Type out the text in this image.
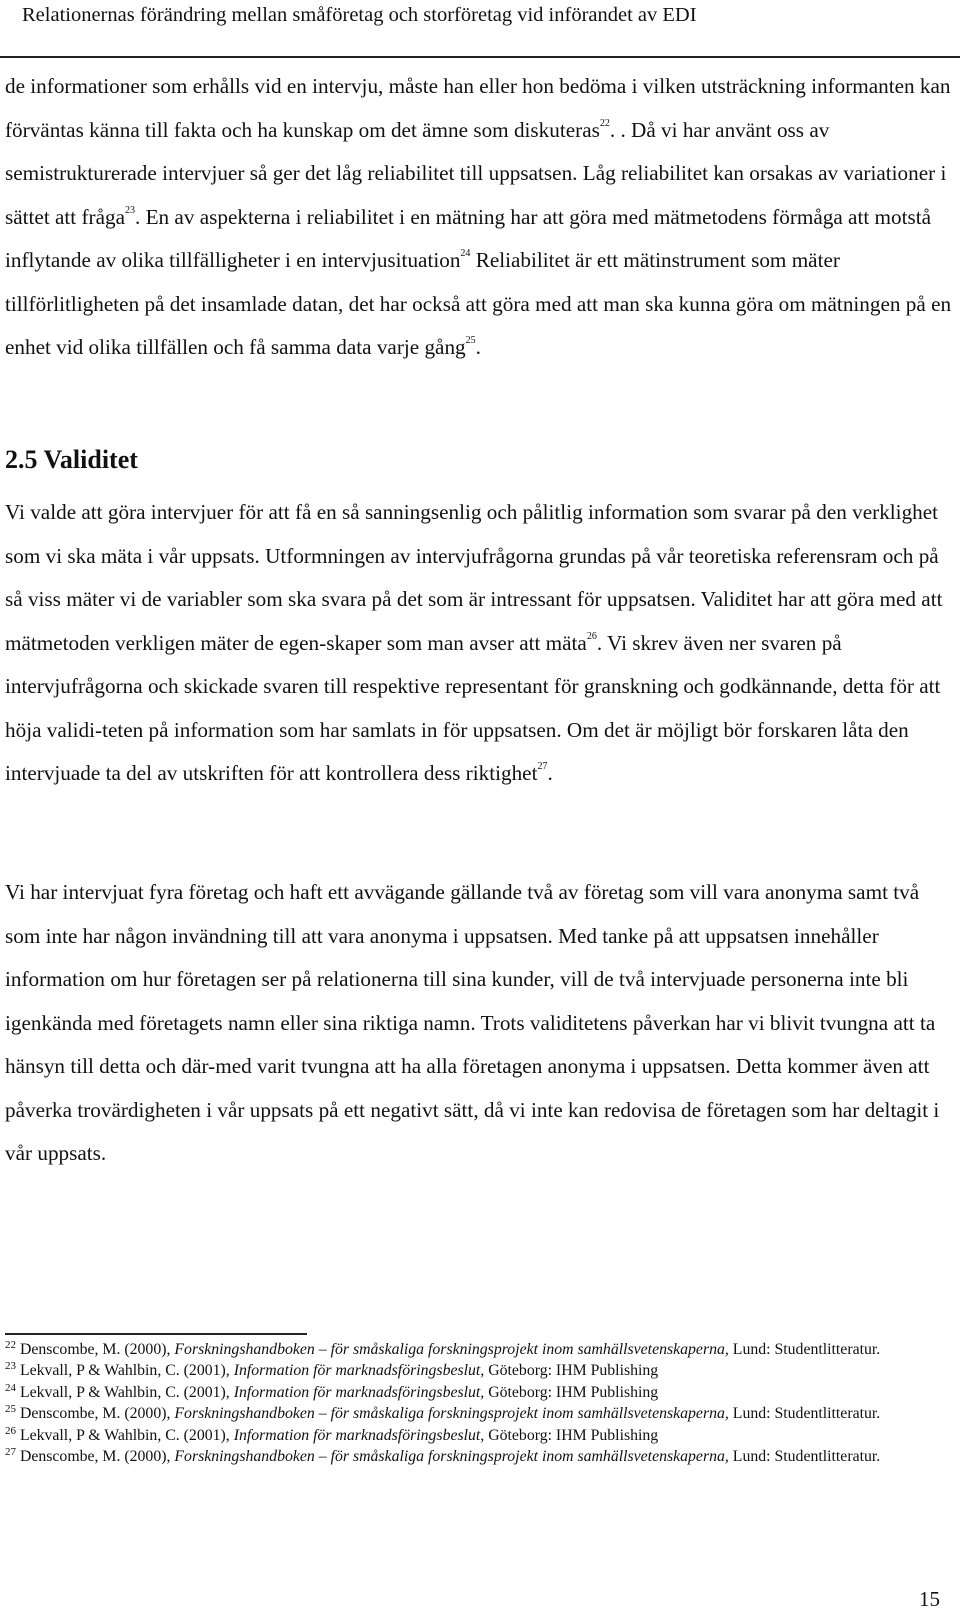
Relationernas förändring mellan småföretag och storföretag vid införandet av EDI

de informationer som erhålls vid en intervju, måste han eller hon bedöma i vilken utsträckning informanten kan förväntas känna till fakta och ha kunskap om det ämne som diskuteras$^{22}$. . Då vi har använt oss av semistrukturerade intervjuer så ger det låg reliabilitet till uppsatsen. Låg reliabilitet kan orsakas av variationer i sättet att fråga$^{23}$. En av aspekterna i reliabilitet i en mätning har att göra med mätmetodens förmåga att motstå inflytande av olika tillfälligheter i en intervjusituation$^{24}$ Reliabilitet är ett mätinstrument som mäter tillförlitligheten på det insamlade datan, det har också att göra med att man ska kunna göra om mätningen på en enhet vid olika tillfällen och få samma data varje gång$^{25}$.

2.5 Validitet

Vi valde att göra intervjuer för att få en så sanningsenlig och pålitlig information som svarar på den verklighet som vi ska mäta i vår uppsats. Utformningen av intervjufrågorna grundas på vår teoretiska referensram och på så viss mäter vi de variabler som ska svara på det som är intressant för uppsatsen. Validitet har att göra med att mätmetoden verkligen mäter de egen-skaper som man avser att mäta$^{26}$. Vi skrev även ner svaren på intervjufrågorna och skickade svaren till respektive representant för granskning och godkännande, detta för att höja validi-teten på information som har samlats in för uppsatsen. Om det är möjligt bör forskaren låta den intervjuade ta del av utskriften för att kontrollera dess riktighet$^{27}$.

Vi har intervjuat fyra företag och haft ett avvägande gällande två av företag som vill vara anonyma samt två som inte har någon invändning till att vara anonyma i uppsatsen. Med tanke på att uppsatsen innehåller information om hur företagen ser på relationerna till sina kunder, vill de två intervjuade personerna inte bli igenkända med företagets namn eller sina riktiga namn. Trots validitetens påverkan har vi blivit tvungna att ta hänsyn till detta och där-med varit tvungna att ha alla företagen anonyma i uppsatsen. Detta kommer även att påverka trovärdigheten i vår uppsats på ett negativt sätt, då vi inte kan redovisa de företagen som har deltagit i vår uppsats.

$^{22}$ Denscombe, M. (2000), Forskningshandboken – för småskaliga forskningsprojekt inom samhällsvetenskaperna, Lund: Studentlitteratur.
$^{23}$ Lekvall, P & Wahlbin, C. (2001), Information för marknadsföringsbeslut, Göteborg: IHM Publishing
$^{24}$ Lekvall, P & Wahlbin, C. (2001), Information för marknadsföringsbeslut, Göteborg: IHM Publishing
$^{25}$ Denscombe, M. (2000), Forskningshandboken – för småskaliga forskningsprojekt inom samhällsvetenskaperna, Lund: Studentlitteratur.
$^{26}$ Lekvall, P & Wahlbin, C. (2001), Information för marknadsföringsbeslut, Göteborg: IHM Publishing
$^{27}$ Denscombe, M. (2000), Forskningshandboken – för småskaliga forskningsprojekt inom samhällsvetenskaperna, Lund: Studentlitteratur.
15
